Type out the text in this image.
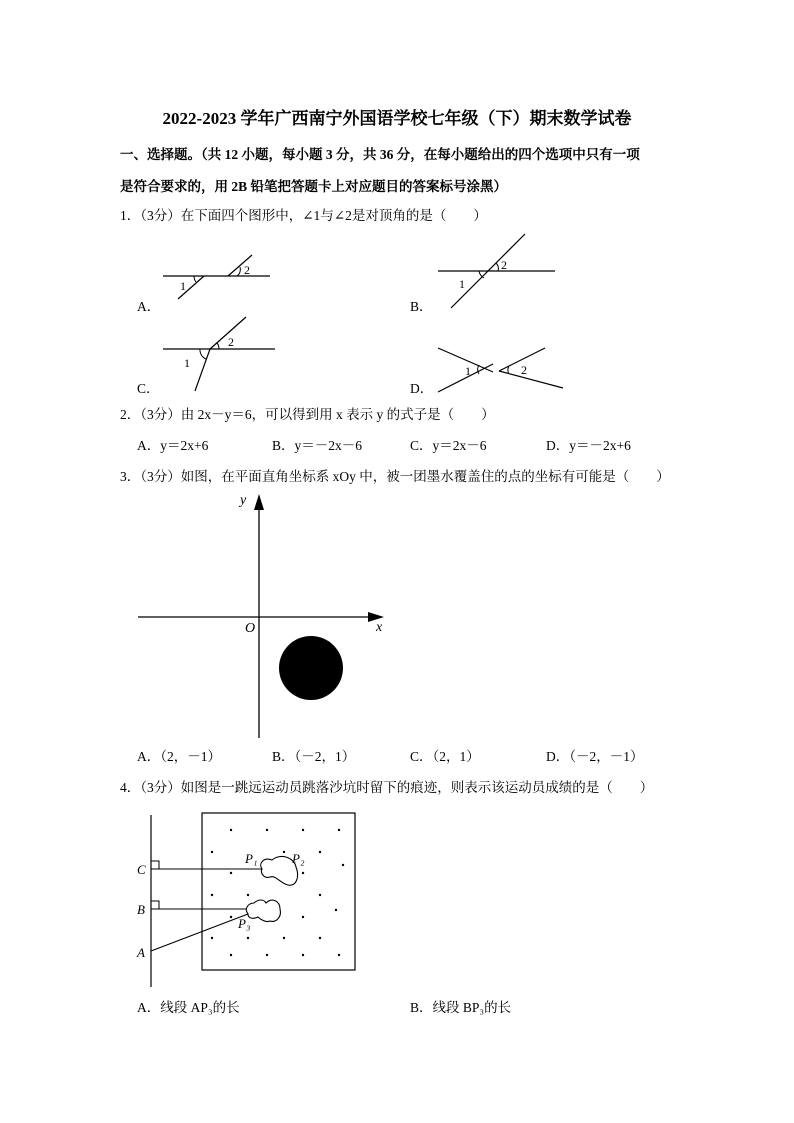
2022-2023 学年广西南宁外国语学校七年级（下）期末数学试卷
一、选择题。（共 12 小题，每小题 3 分，共 36 分，在每小题给出的四个选项中只有一项
是符合要求的，用 2B 铅笔把答题卡上对应题目的答案标号涂黑）
1．（3分）在下面四个图形中，∠1与∠2是对顶角的是（　　）
1
2
A．
1
2
B．
1
2
C．
1	2
D．
2．（3分）由 2x－y＝6，可以得到用 x 表示 y 的式子是（　　）
A．y＝2x+6	B．y＝－2x－6	C．y＝2x－6	D．y＝－2x+6
3．（3分）如图，在平面直角坐标系 xOy 中，被一团墨水覆盖住的点的坐标有可能是（　　）
y
x
O
A．（2，－1）	B．（－2，1）	C．（2，1）	D．（－2，－1）
4．（3分）如图是一跳远运动员跳落沙坑时留下的痕迹，则表示该运动员成绩的是（　　）
C
B
A
P₁	P₂
P₃
A．线段 AP₃的长	B．线段 BP₃的长
